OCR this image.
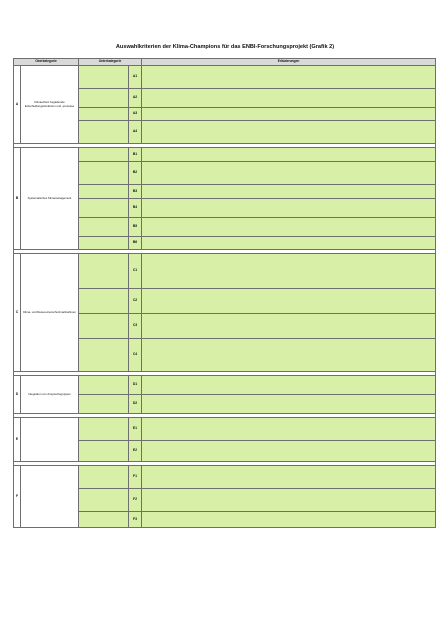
Auswahlkriterien der Klima-Champions für das ENBI-Forschungsprojekt (Grafik 2)
Oberkategorie		Unterkategorie		Erläuterungen
A	Klimaschutz begleitende Entscheidungsstrukturen und -prozesse		A1	
			A2	
			A3	
			A4	

B	Systematisches Klimamanagement		B1	
			B2	
			B3	
			B4	
			B5	
			B6	

C	Klima- und Ressourcenschutzmaßnahmen		C1	
			C2	
			C3	
			C4	

D	Integration von Anspruchsgruppen		D1	
			D2	

E			E1	
			E2	

F			F1	
			F2	
			F3	
